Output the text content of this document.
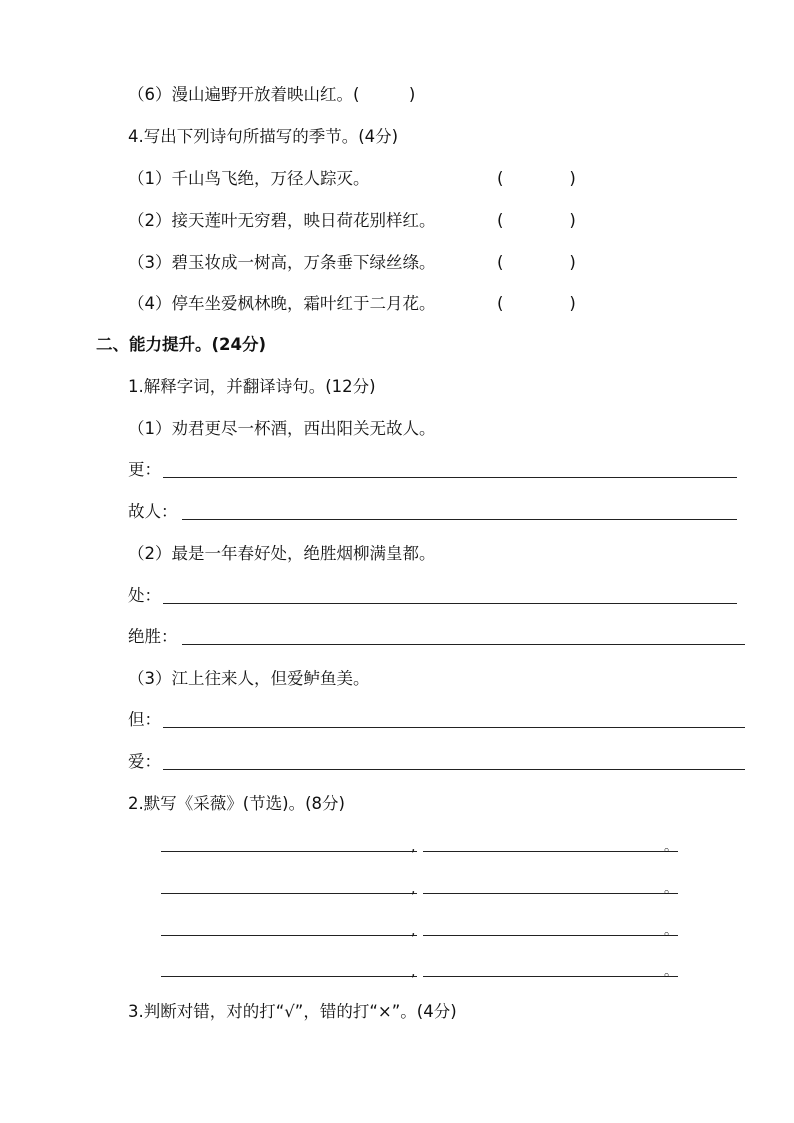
（6）漫山遍野开放着映山红。(　　　)
4.写出下列诗句所描写的季节。(4分)
（1）千山鸟飞绝，万径人踪灭。	(　　　　)
（2）接天莲叶无穷碧，映日荷花别样红。	(　　　　)
（3）碧玉妆成一树高，万条垂下绿丝绦。	(　　　　)
（4）停车坐爱枫林晚，霜叶红于二月花。	(　　　　)
二、能力提升。(24分)
1.解释字词，并翻译诗句。(12分)
（1）劝君更尽一杯酒，西出阳关无故人。
更：
故人：
（2）最是一年春好处，绝胜烟柳满皇都。
处：
绝胜：
（3）江上往来人，但爱鲈鱼美。
但：
爱：
2.默写《采薇》(节选)。(8分)
,	。
,	。
,	。
,	。
3.判断对错，对的打“√”，错的打“×”。(4分)
